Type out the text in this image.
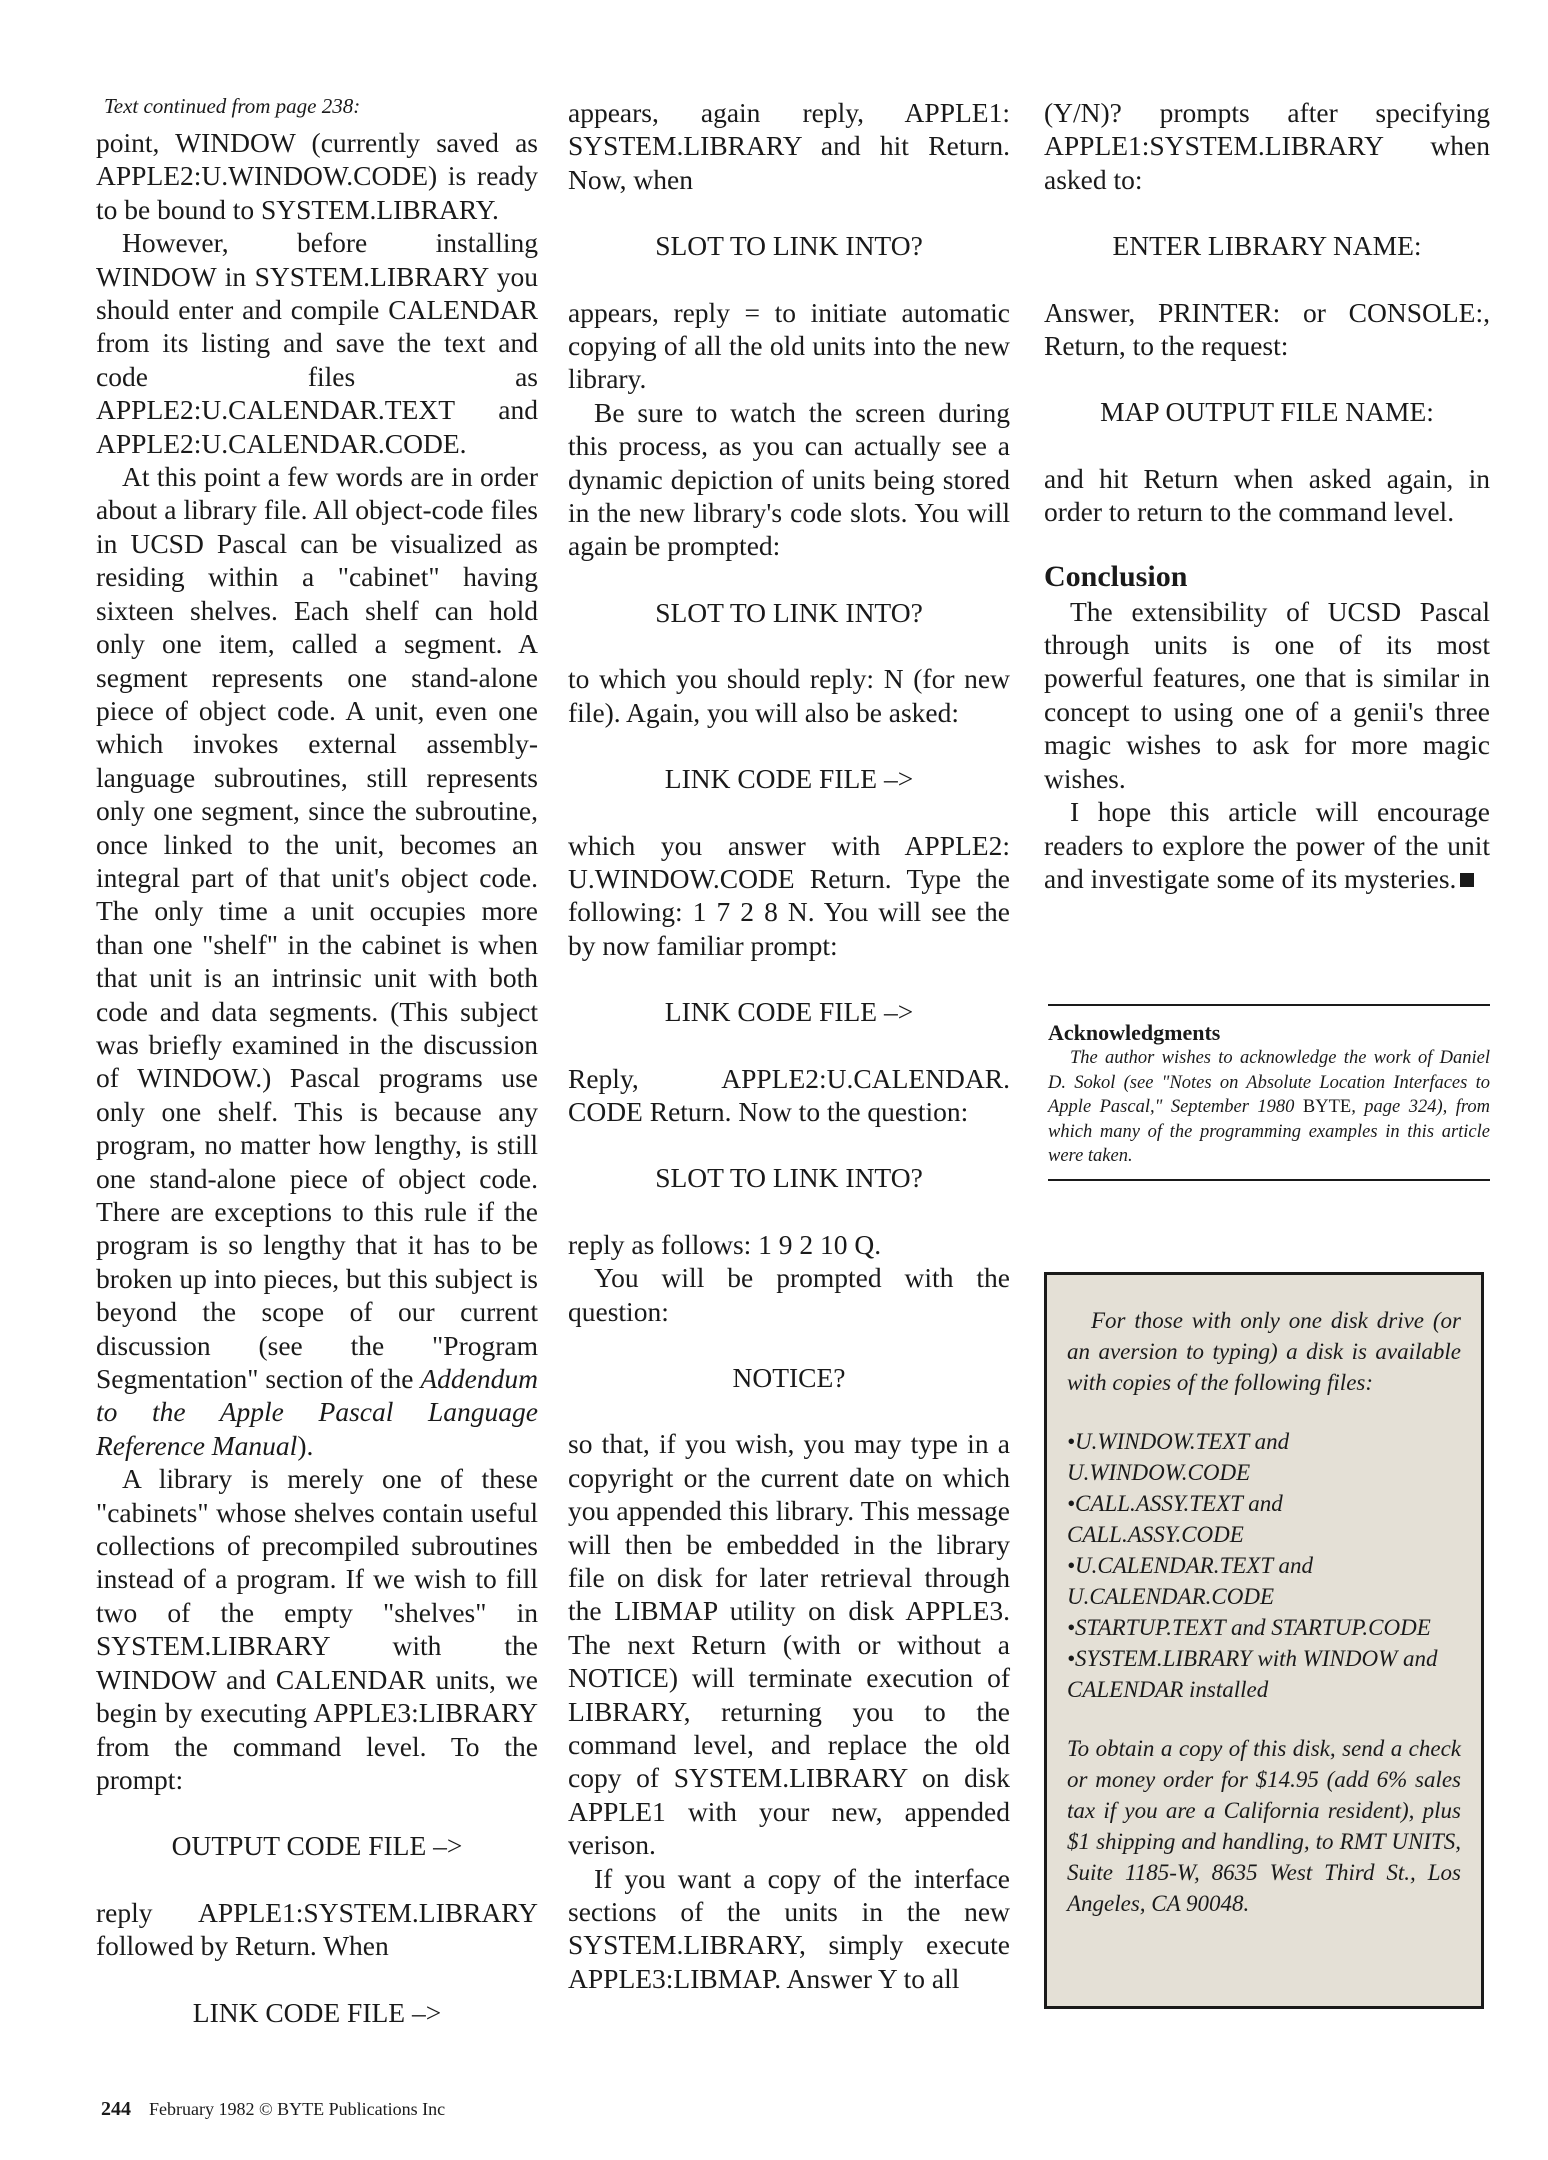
Text continued from page 238:

point, WINDOW (currently saved as APPLE2:U.WINDOW.CODE) is ready to be bound to SYSTEM.LIBRARY.

However, before installing WINDOW in SYSTEM.LIBRARY you should enter and compile CALENDAR from its listing and save the text and code files as APPLE2:U.CALENDAR.TEXT and APPLE2:U.CALENDAR.CODE.

At this point a few words are in order about a library file. All object-code files in UCSD Pascal can be visualized as residing within a "cabinet" having sixteen shelves. Each shelf can hold only one item, called a segment. A segment represents one stand-alone piece of object code. A unit, even one which invokes external assembly-language subroutines, still represents only one segment, since the subroutine, once linked to the unit, becomes an integral part of that unit's object code. The only time a unit occupies more than one "shelf" in the cabinet is when that unit is an intrinsic unit with both code and data segments. (This subject was briefly examined in the discussion of WINDOW.) Pascal programs use only one shelf. This is because any program, no matter how lengthy, is still one stand-alone piece of object code. There are exceptions to this rule if the program is so lengthy that it has to be broken up into pieces, but this subject is beyond the scope of our current discussion (see the "Program Segmentation" section of the Addendum to the Apple Pascal Language Reference Manual).

A library is merely one of these "cabinets" whose shelves contain useful collections of precompiled subroutines instead of a program. If we wish to fill two of the empty "shelves" in SYSTEM.LIBRARY with the WINDOW and CALENDAR units, we begin by executing APPLE3:LIBRARY from the command level. To the prompt:

OUTPUT CODE FILE –>

reply APPLE1:SYSTEM.LIBRARY followed by Return. When

LINK CODE FILE –>

appears, again reply, APPLE1: SYSTEM.LIBRARY and hit Return. Now, when

SLOT TO LINK INTO?

appears, reply = to initiate automatic copying of all the old units into the new library.

Be sure to watch the screen during this process, as you can actually see a dynamic depiction of units being stored in the new library's code slots. You will again be prompted:

SLOT TO LINK INTO?

to which you should reply: N (for new file). Again, you will also be asked:

LINK CODE FILE –>

which you answer with APPLE2: U.WINDOW.CODE Return. Type the following: 1 7 2 8 N. You will see the by now familiar prompt:

LINK CODE FILE –>

Reply, APPLE2:U.CALENDAR. CODE Return. Now to the question:

SLOT TO LINK INTO?

reply as follows: 1 9 2 10 Q.

You will be prompted with the question:

NOTICE?

so that, if you wish, you may type in a copyright or the current date on which you appended this library. This message will then be embedded in the library file on disk for later retrieval through the LIBMAP utility on disk APPLE3. The next Return (with or without a NOTICE) will terminate execution of LIBRARY, returning you to the command level, and replace the old copy of SYSTEM.LIBRARY on disk APPLE1 with your new, appended verison.

If you want a copy of the interface sections of the units in the new SYSTEM.LIBRARY, simply execute APPLE3:LIBMAP. Answer Y to all

(Y/N)? prompts after specifying APPLE1:SYSTEM.LIBRARY when asked to:

ENTER LIBRARY NAME:

Answer, PRINTER: or CONSOLE:, Return, to the request:

MAP OUTPUT FILE NAME:

and hit Return when asked again, in order to return to the command level.

Conclusion

The extensibility of UCSD Pascal through units is one of its most powerful features, one that is similar in concept to using one of a genii's three magic wishes to ask for more magic wishes.

I hope this article will encourage readers to explore the power of the unit and investigate some of its mysteries.

Acknowledgments
The author wishes to acknowledge the work of Daniel D. Sokol (see "Notes on Absolute Location Interfaces to Apple Pascal," September 1980 BYTE, page 324), from which many of the programming examples in this article were taken.

For those with only one disk drive (or an aversion to typing) a disk is available with copies of the following files:

•U.WINDOW.TEXT and U.WINDOW.CODE

•CALL.ASSY.TEXT and CALL.ASSY.CODE

•U.CALENDAR.TEXT and U.CALENDAR.CODE

•STARTUP.TEXT and STARTUP.CODE

•SYSTEM.LIBRARY with WINDOW and CALENDAR installed

To obtain a copy of this disk, send a check or money order for $14.95 (add 6% sales tax if you are a California resident), plus $1 shipping and handling, to RMT UNITS, Suite 1185-W, 8635 West Third St., Los Angeles, CA 90048.

244 February 1982 © BYTE Publications Inc
